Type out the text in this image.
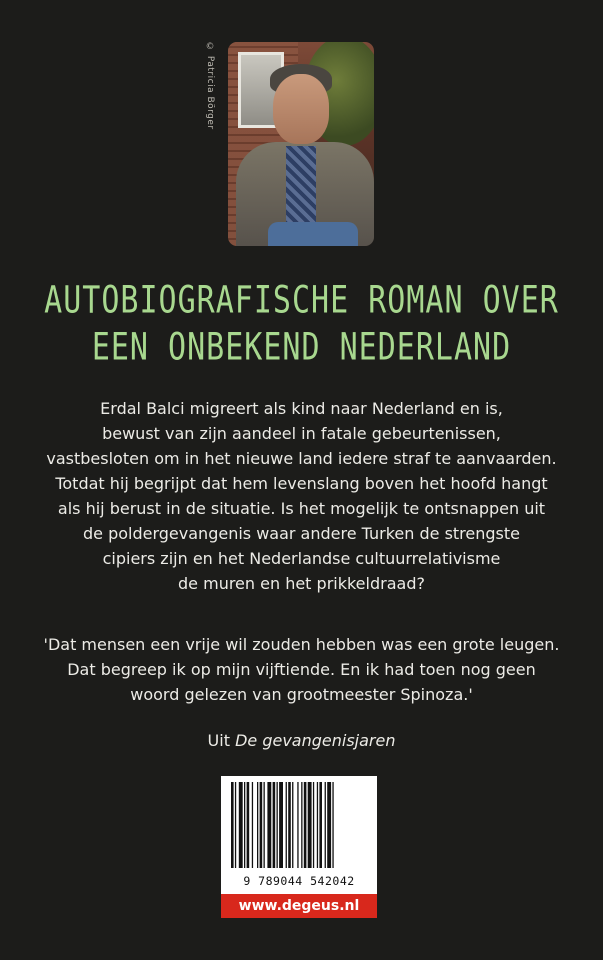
© Patricia Börger
AUTOBIOGRAFISCHE ROMAN OVER
EEN ONBEKEND NEDERLAND

Erdal Balci migreert als kind naar Nederland en is,
bewust van zijn aandeel in fatale gebeurtenissen,
vastbesloten om in het nieuwe land iedere straf te aanvaarden.
Totdat hij begrijpt dat hem levenslang boven het hoofd hangt
als hij berust in de situatie. Is het mogelijk te ontsnappen uit
de poldergevangenis waar andere Turken de strengste
cipiers zijn en het Nederlandse cultuurrelativisme
de muren en het prikkeldraad?

'Dat mensen een vrije wil zouden hebben was een grote leugen.
Dat begreep ik op mijn vijftiende. En ik had toen nog geen
woord gelezen van grootmeester Spinoza.'

Uit De gevangenisjaren
9 789044 542042
www.degeus.nl
